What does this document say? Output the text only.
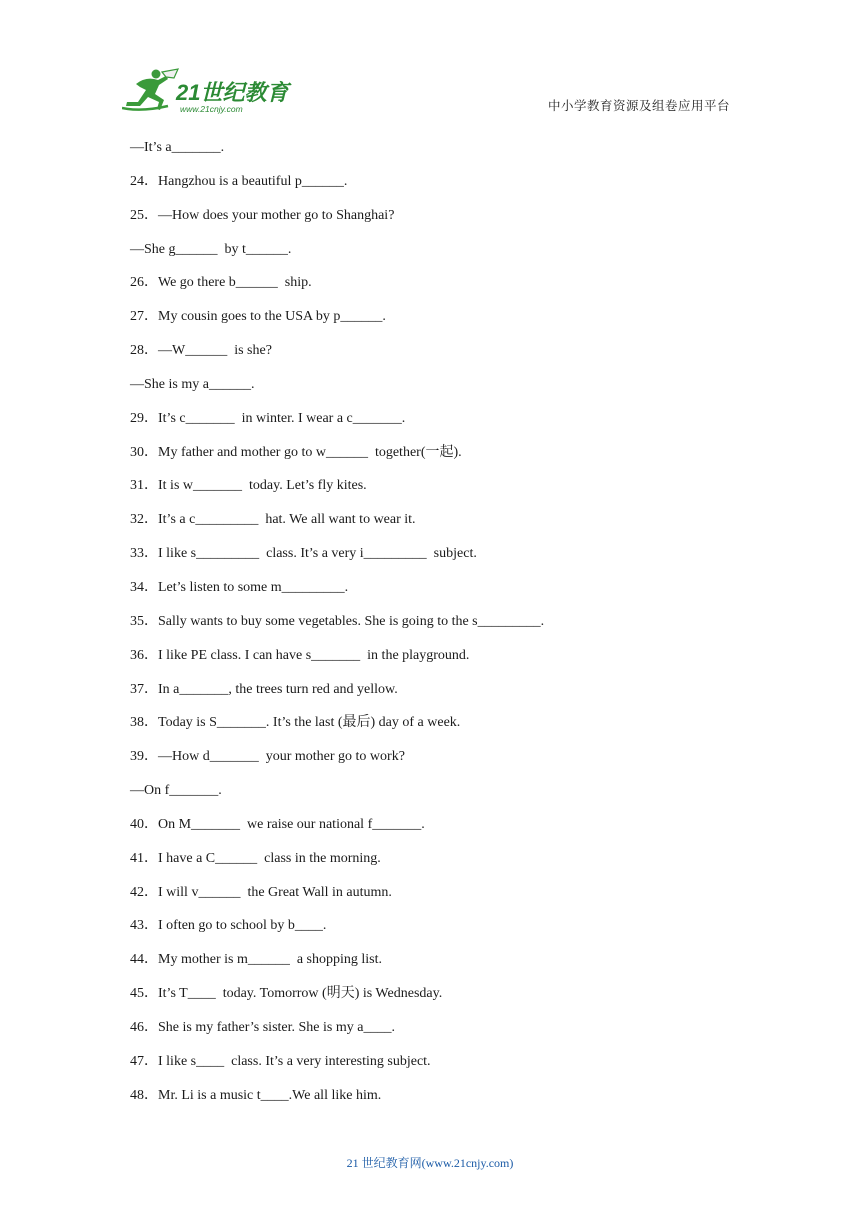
21世纪教育
www.21cnjy.com	中小学教育资源及组卷应用平台
—It’s a_______.
24．Hangzhou is a beautiful p______.
25．—How does your mother go to Shanghai?
—She g______  by t______.
26．We go there b______  ship.
27．My cousin goes to the USA by p______.
28．—W______  is she?
—She is my a______.
29．It’s c_______  in winter. I wear a c_______.
30．My father and mother go to w______  together(一起).
31．It is w_______  today. Let’s fly kites.
32．It’s a c_________  hat. We all want to wear it.
33．I like s_________  class. It’s a very i_________  subject.
34．Let’s listen to some m_________.
35．Sally wants to buy some vegetables. She is going to the s_________.
36．I like PE class. I can have s_______  in the playground.
37．In a_______, the trees turn red and yellow.
38．Today is S_______. It’s the last (最后) day of a week.
39．—How d_______  your mother go to work?
—On f_______.
40．On M_______  we raise our national f_______.
41．I have a C______  class in the morning.
42．I will v______  the Great Wall in autumn.
43．I often go to school by b____.
44．My mother is m______  a shopping list.
45．It’s T____  today. Tomorrow (明天) is Wednesday.
46．She is my father’s sister. She is my a____.
47．I like s____  class. It’s a very interesting subject.
48．Mr. Li is a music t____.We all like him.
21 世纪教育网(www.21cnjy.com)
